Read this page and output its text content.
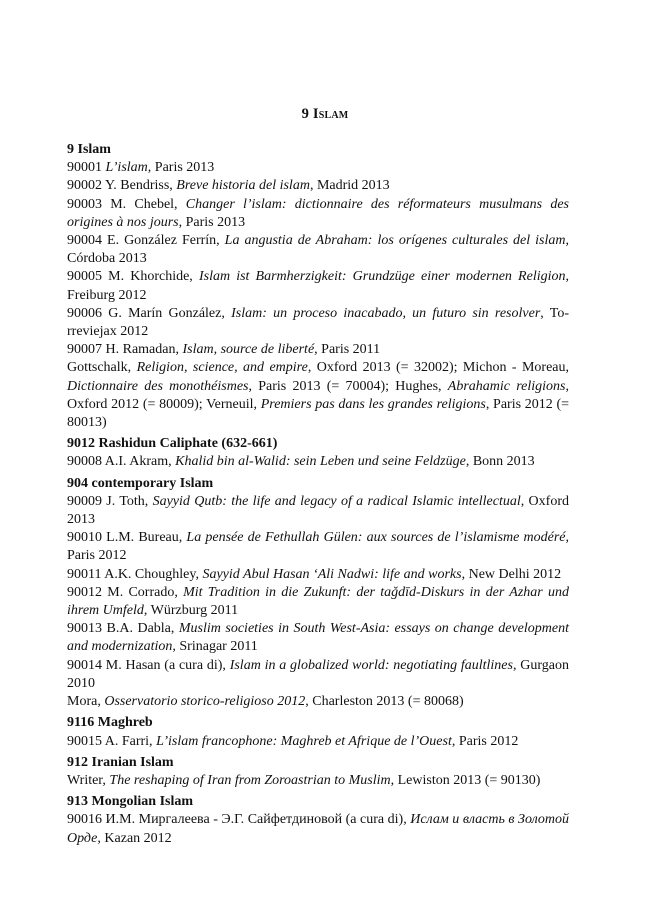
9 Islam
9 Islam
90001 L’islam, Paris 2013
90002 Y. Bendriss, Breve historia del islam, Madrid 2013
90003 M. Chebel, Changer l’islam: dictionnaire des réformateurs musulmans des origines à nos jours, Paris 2013
90004 E. González Ferrín, La angustia de Abraham: los orígenes culturales del islam, Córdoba 2013
90005 M. Khorchide, Islam ist Barmherzigkeit: Grundzüge einer modernen Religion, Freiburg 2012
90006 G. Marín González, Islam: un proceso inacabado, un futuro sin resolver, Torreviejax 2012
90007 H. Ramadan, Islam, source de liberté, Paris 2011
Gottschalk, Religion, science, and empire, Oxford 2013 (= 32002); Michon - Moreau, Dictionnaire des monothéismes, Paris 2013 (= 70004); Hughes, Abrahamic religions, Oxford 2012 (= 80009); Verneuil, Premiers pas dans les grandes religions, Paris 2012 (= 80013)
9012 Rashidun Caliphate (632-661)
90008 A.I. Akram, Khalid bin al-Walid: sein Leben und seine Feldzüge, Bonn 2013
904 contemporary Islam
90009 J. Toth, Sayyid Qutb: the life and legacy of a radical Islamic intellectual, Oxford 2013
90010 L.M. Bureau, La pensée de Fethullah Gülen: aux sources de l’islamisme modéré, Paris 2012
90011 A.K. Choughley, Sayyid Abul Hasan ‘Ali Nadwi: life and works, New Delhi 2012
90012 M. Corrado, Mit Tradition in die Zukunft: der taǧdīd-Diskurs in der Azhar und ihrem Umfeld, Würzburg 2011
90013 B.A. Dabla, Muslim societies in South West-Asia: essays on change development and modernization, Srinagar 2011
90014 M. Hasan (a cura di), Islam in a globalized world: negotiating faultlines, Gurgaon 2010
Mora, Osservatorio storico-religioso 2012, Charleston 2013 (= 80068)
9116 Maghreb
90015 A. Farri, L’islam francophone: Maghreb et Afrique de l’Ouest, Paris 2012
912 Iranian Islam
Writer, The reshaping of Iran from Zoroastrian to Muslim, Lewiston 2013 (= 90130)
913 Mongolian Islam
90016 И.М. Миргалеева - Э.Г. Сайфетдиновой (a cura di), Ислам и власть в Золотой Орде, Kazan 2012
